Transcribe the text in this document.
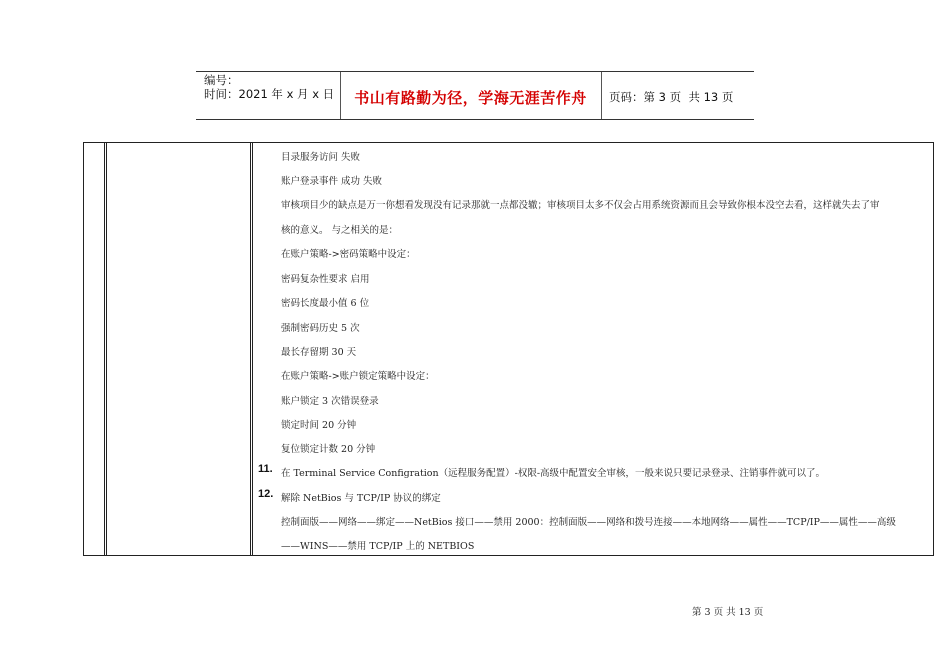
编号：
时间：2021 年 x 月 x 日	书山有路勤为径，学海无涯苦作舟	页码：第 3 页  共 13 页
目录服务访问 失败
账户登录事件 成功 失败
审核项目少的缺点是万一你想看发现没有记录那就一点都没辙；审核项目太多不仅会占用系统资源而且会导致你根本没空去看，这样就失去了审
核的意义。 与之相关的是：
在账户策略->密码策略中设定：
密码复杂性要求 启用
密码长度最小值 6 位
强制密码历史 5 次
最长存留期 30 天
在账户策略->账户锁定策略中设定：
账户锁定 3 次错误登录
锁定时间 20 分钟
复位锁定计数 20 分钟
11. 在 Terminal Service Configration（远程服务配置）-权限-高级中配置安全审核，一般来说只要记录登录、注销事件就可以了。
12. 解除 NetBios 与 TCP/IP 协议的绑定
控制面版——网络——绑定——NetBios 接口——禁用 2000：控制面版——网络和拨号连接——本地网络——属性——TCP/IP——属性——高级
——WINS——禁用 TCP/IP 上的 NETBIOS
第 3 页 共 13 页
